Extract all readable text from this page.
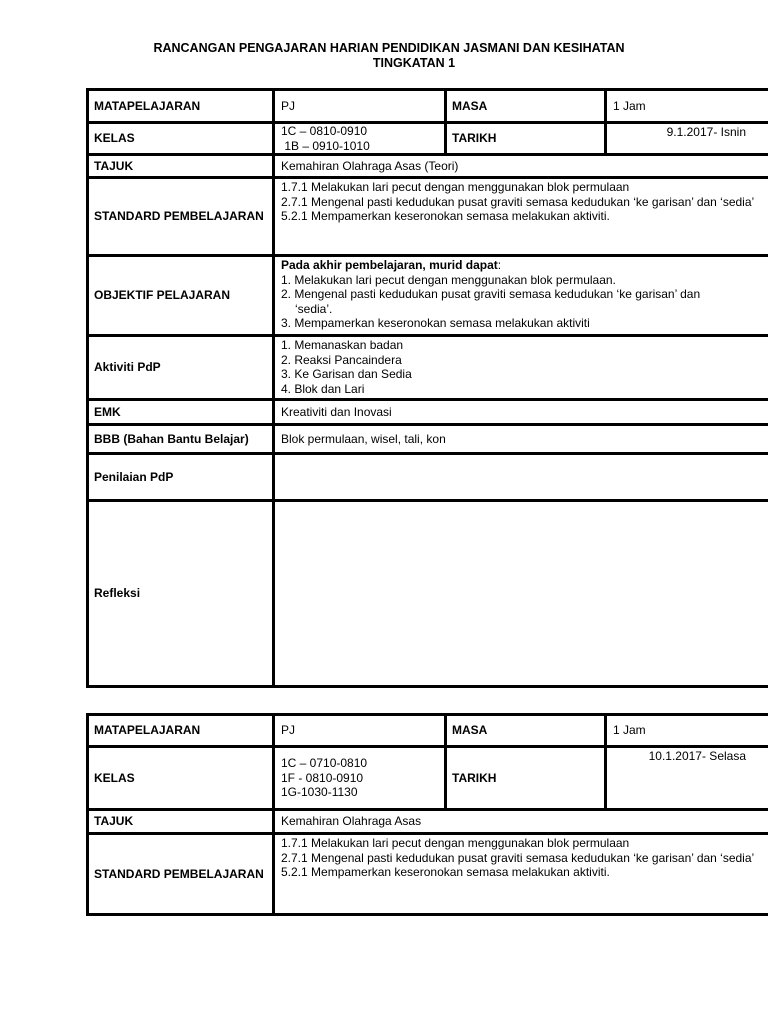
RANCANGAN PENGAJARAN HARIAN PENDIDIKAN JASMANI DAN KESIHATAN
TINGKATAN 1
MATAPELAJARAN	PJ	MASA	1 Jam
KELAS	1C – 0810-0910
1B – 0910-1010	TARIKH	9.1.2017- Isnin
TAJUK	Kemahiran Olahraga Asas (Teori)		
STANDARD PEMBELAJARAN	1.7.1 Melakukan lari pecut dengan menggunakan blok permulaan
2.7.1 Mengenal pasti kedudukan pusat graviti semasa kedudukan ‘ke garisan’ dan ‘sedia’
5.2.1 Mempamerkan keseronokan semasa melakukan aktiviti.		

OBJEKTIF PELAJARAN	Pada akhir pembelajaran, murid dapat:
1. Melakukan lari pecut dengan menggunakan blok permulaan.
2. Mengenal pasti kedudukan pusat graviti semasa kedudukan ‘ke garisan’ dan
‘sedia’.
3. Mempamerkan keseronokan semasa melakukan aktiviti		

Aktiviti PdP	1. Memanaskan badan
2. Reaksi Pancaindera
3. Ke Garisan dan Sedia
4. Blok dan Lari		

EMK	Kreativiti dan Inovasi		
BBB (Bahan Bantu Belajar)	Blok permulaan, wisel, tali, kon		
Penilaian PdP			
Refleksi			
MATAPELAJARAN	PJ	MASA	1 Jam
KELAS	1C – 0710-0810
1F - 0810-0910
1G-1030-1130	TARIKH	10.1.2017- Selasa
TAJUK	Kemahiran Olahraga Asas		
STANDARD PEMBELAJARAN	1.7.1 Melakukan lari pecut dengan menggunakan blok permulaan
2.7.1 Mengenal pasti kedudukan pusat graviti semasa kedudukan ‘ke garisan’ dan ‘sedia’
5.2.1 Mempamerkan keseronokan semasa melakukan aktiviti.		
